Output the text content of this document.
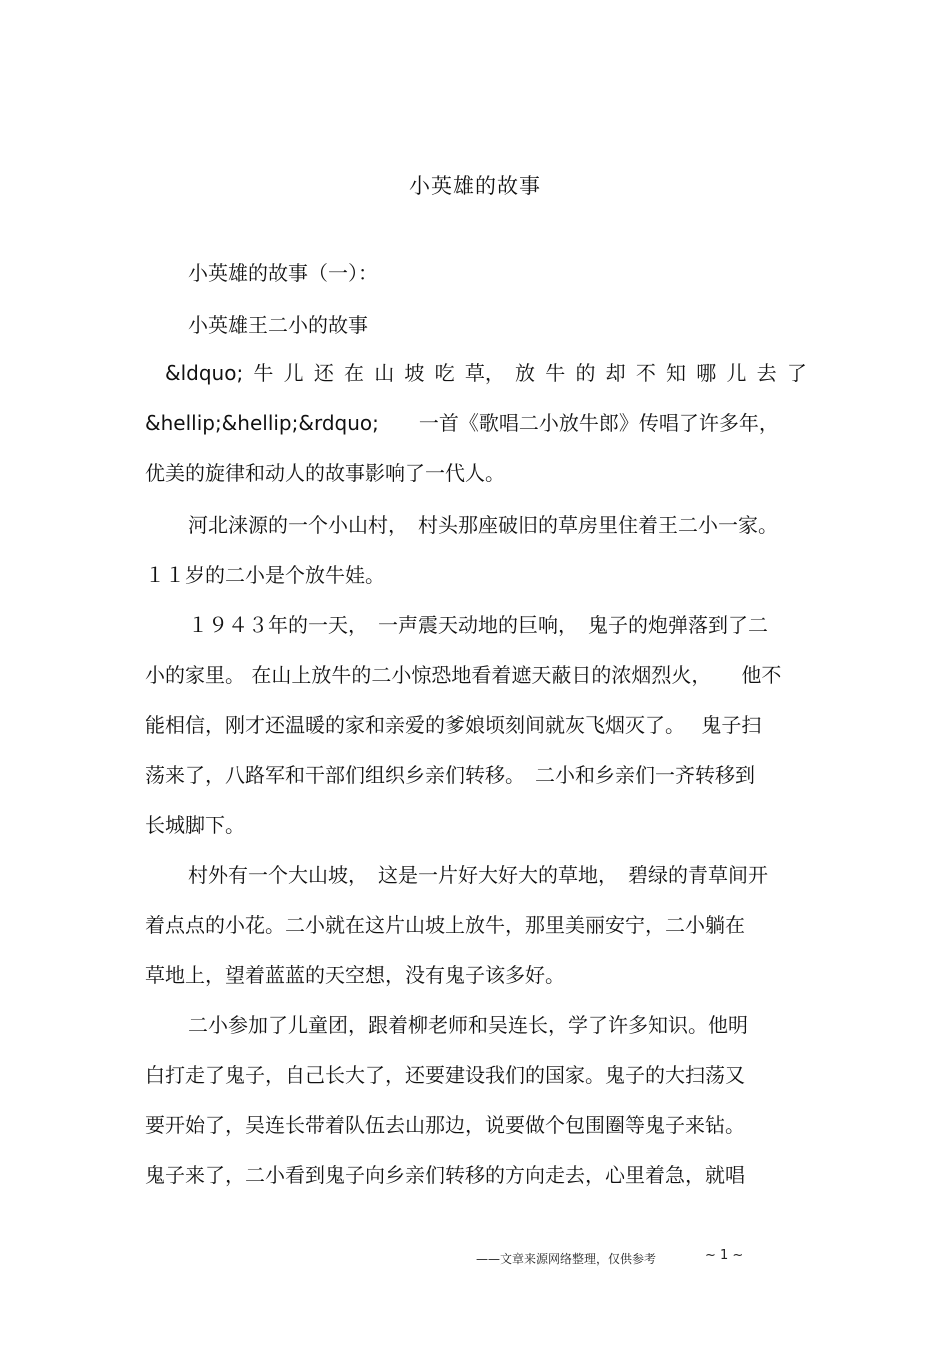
小英雄的故事
小英雄的故事（一）：
小英雄王二小的故事
&ldquo; 牛 儿 还 在 山 坡 吃 草， 放 牛 的 却 不 知 哪 儿 去 了
&hellip;&hellip;&rdquo;　　一首《歌唱二小放牛郎》传唱了许多年，
优美的旋律和动人的故事影响了一代人。
河北涞源的一个小山村，　村头那座破旧的草房里住着王二小一家。
１１岁的二小是个放牛娃。
１９４３年的一天，　一声震天动地的巨响，　鬼子的炮弹落到了二
小的家里。 在山上放牛的二小惊恐地看着遮天蔽日的浓烟烈火，　　他不
能相信，刚才还温暖的家和亲爱的爹娘顷刻间就灰飞烟灭了。　 鬼子扫
荡来了，八路军和干部们组织乡亲们转移。　二小和乡亲们一齐转移到
长城脚下。
村外有一个大山坡，　这是一片好大好大的草地，　碧绿的青草间开
着点点的小花。二小就在这片山坡上放牛，那里美丽安宁，二小躺在
草地上，望着蓝蓝的天空想，没有鬼子该多好。
二小参加了儿童团，跟着柳老师和吴连长，学了许多知识。他明
白打走了鬼子，自己长大了，还要建设我们的国家。鬼子的大扫荡又
要开始了，吴连长带着队伍去山那边，说要做个包围圈等鬼子来钻。
鬼子来了，二小看到鬼子向乡亲们转移的方向走去，心里着急，就唱
——文章来源网络整理，仅供参考	~ 1 ~
